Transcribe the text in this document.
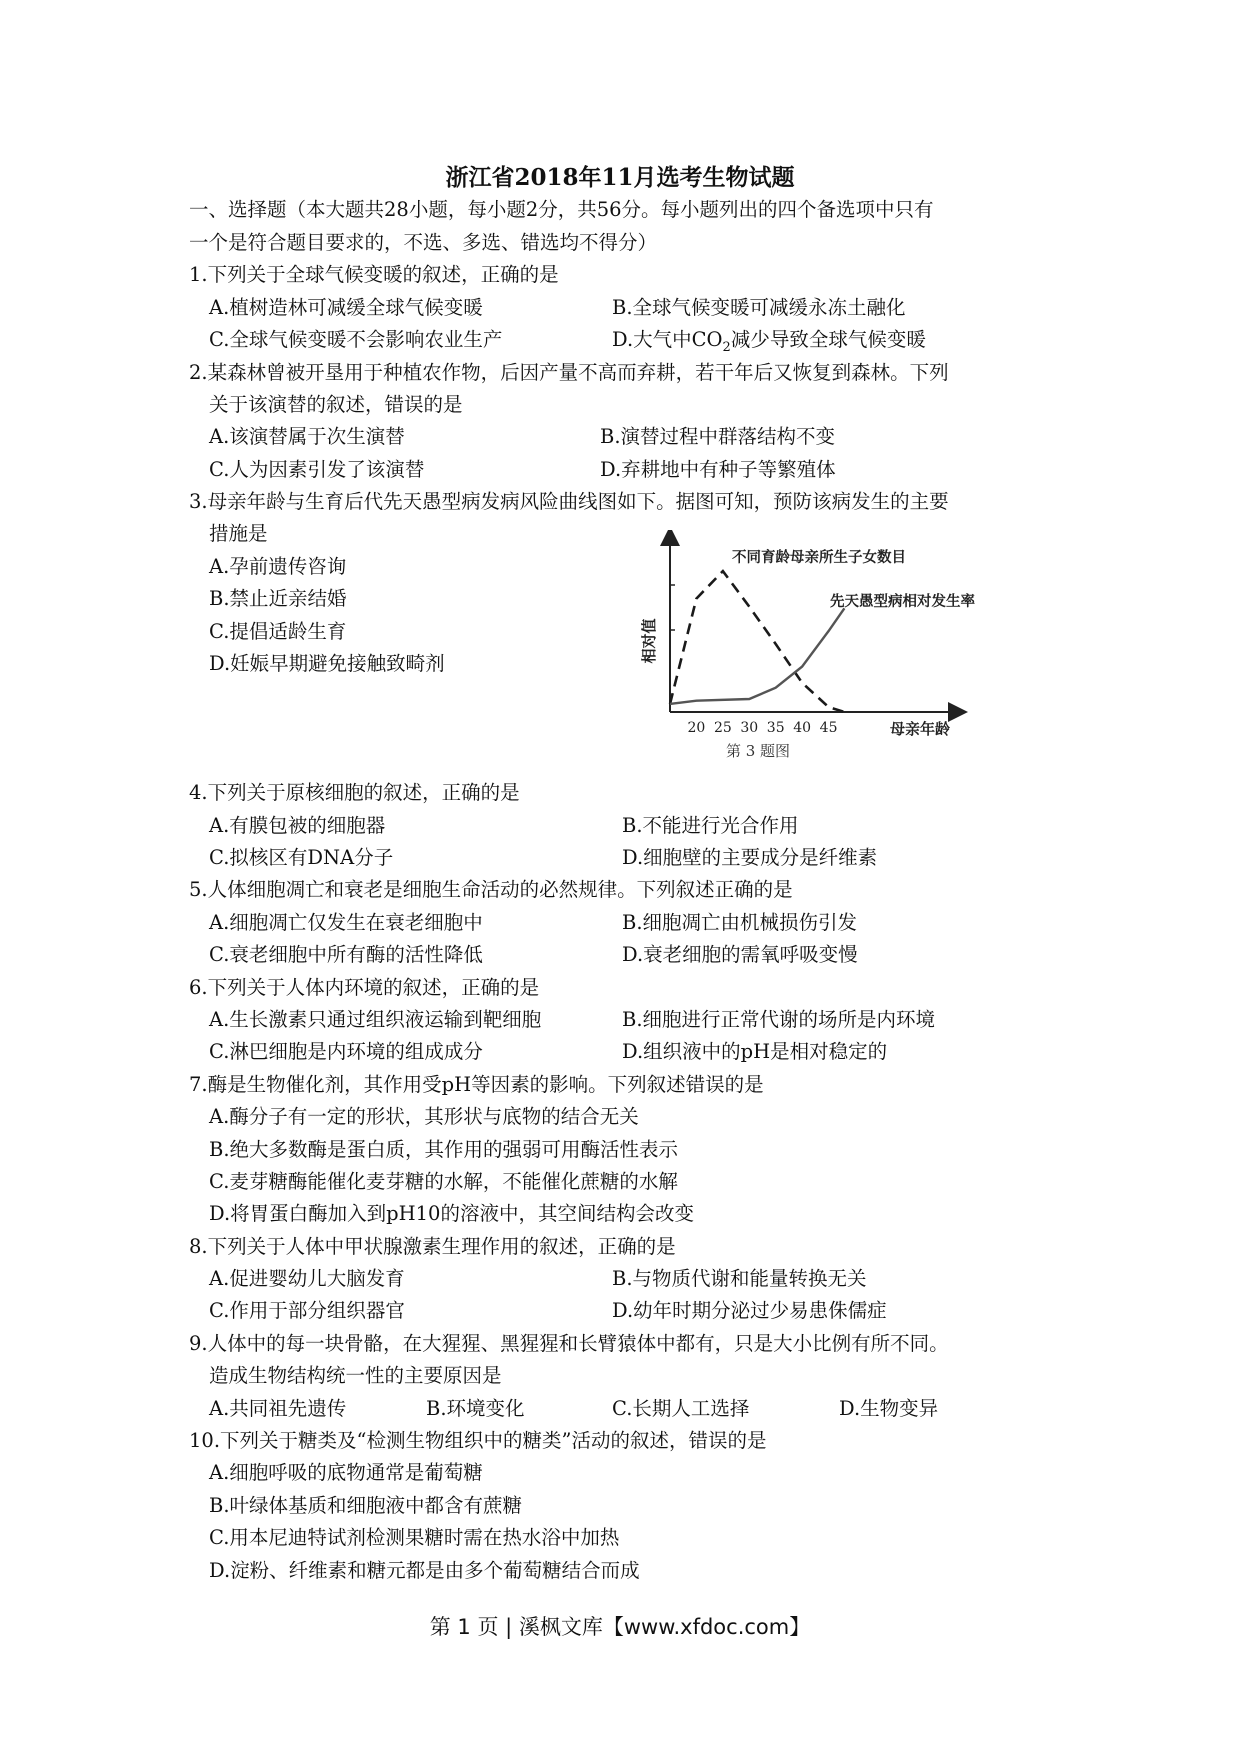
浙江省2018年11月选考生物试题
一、选择题（本大题共28小题，每小题2分，共56分。每小题列出的四个备选项中只有
一个是符合题目要求的，不选、多选、错选均不得分）
1.下列关于全球气候变暖的叙述，正确的是
A.植树造林可减缓全球气候变暖	B.全球气候变暖可减缓永冻土融化
C.全球气候变暖不会影响农业生产	D.大气中$CO_2$减少导致全球气候变暖
2.某森林曾被开垦用于种植农作物，后因产量不高而弃耕，若干年后又恢复到森林。下列
关于该演替的叙述，错误的是
A.该演替属于次生演替	B.演替过程中群落结构不变
C.人为因素引发了该演替	D.弃耕地中有种子等繁殖体
3.母亲年龄与生育后代先天愚型病发病风险曲线图如下。据图可知，预防该病发生的主要
措施是
A.孕前遗传咨询
B.禁止近亲结婚
C.提倡适龄生育
D.妊娠早期避免接触致畸剂
20 25 30 35 40 45	母亲年龄
相对值
不同育龄母亲所生子女数目
先天愚型病相对发生率
第 3 题图
4.下列关于原核细胞的叙述，正确的是
A.有膜包被的细胞器	B.不能进行光合作用
C.拟核区有DNA分子	D.细胞壁的主要成分是纤维素
5.人体细胞凋亡和衰老是细胞生命活动的必然规律。下列叙述正确的是
A.细胞凋亡仅发生在衰老细胞中	B.细胞凋亡由机械损伤引发
C.衰老细胞中所有酶的活性降低	D.衰老细胞的需氧呼吸变慢
6.下列关于人体内环境的叙述，正确的是
A.生长激素只通过组织液运输到靶细胞	B.细胞进行正常代谢的场所是内环境
C.淋巴细胞是内环境的组成成分	D.组织液中的pH是相对稳定的
7.酶是生物催化剂，其作用受pH等因素的影响。下列叙述错误的是
A.酶分子有一定的形状，其形状与底物的结合无关
B.绝大多数酶是蛋白质，其作用的强弱可用酶活性表示
C.麦芽糖酶能催化麦芽糖的水解，不能催化蔗糖的水解
D.将胃蛋白酶加入到pH10的溶液中，其空间结构会改变
8.下列关于人体中甲状腺激素生理作用的叙述，正确的是
A.促进婴幼儿大脑发育	B.与物质代谢和能量转换无关
C.作用于部分组织器官	D.幼年时期分泌过少易患侏儒症
9.人体中的每一块骨骼，在大猩猩、黑猩猩和长臂猿体中都有，只是大小比例有所不同。
造成生物结构统一性的主要原因是
A.共同祖先遗传	B.环境变化	C.长期人工选择	D.生物变异
10.下列关于糖类及“检测生物组织中的糖类”活动的叙述，错误的是
A.细胞呼吸的底物通常是葡萄糖
B.叶绿体基质和细胞液中都含有蔗糖
C.用本尼迪特试剂检测果糖时需在热水浴中加热
D.淀粉、纤维素和糖元都是由多个葡萄糖结合而成
第 1 页 | 溪枫文库【www.xfdoc.com】
